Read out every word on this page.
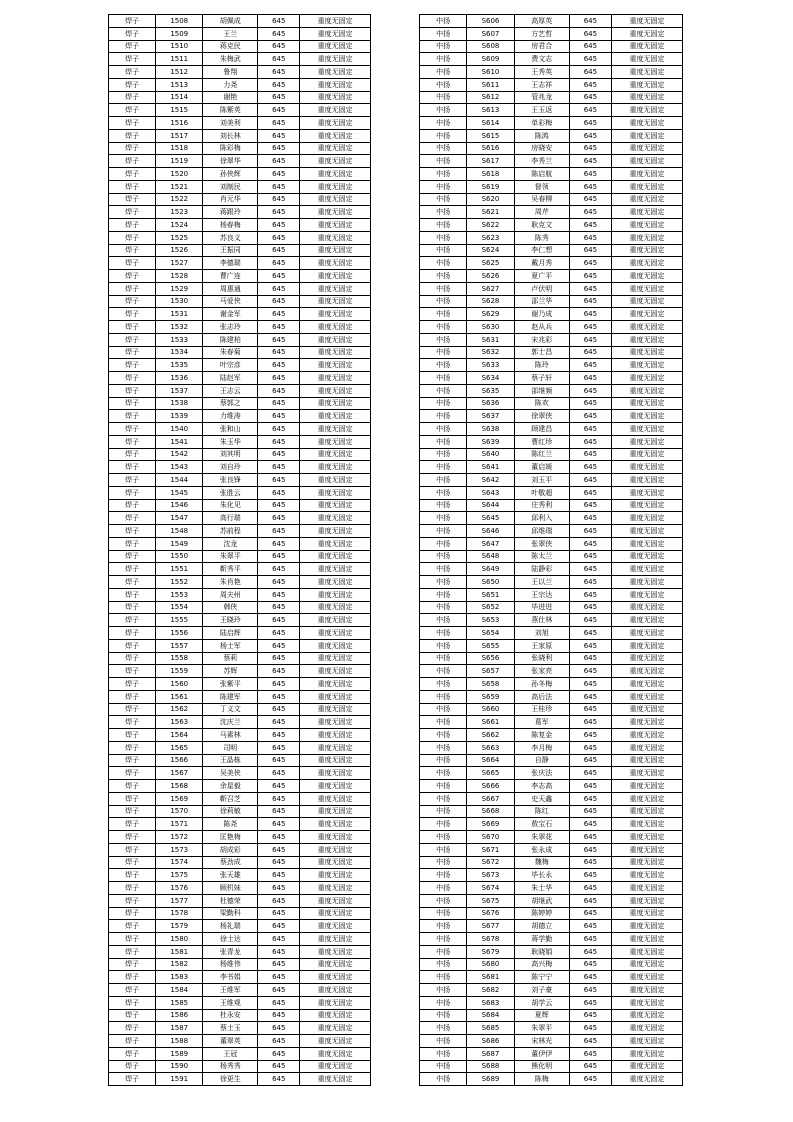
焊子	1508	胡佩成	645	重度无固定
焊子	1509	王兰	645	重度无固定
焊子	1510	蒋克民	645	重度无固定
焊子	1511	朱梅武	645	重度无固定
焊子	1512	鲁翔	645	重度无固定
焊子	1513	力尧	645	重度无固定
焊子	1514	谢艳	645	重度无固定
焊子	1515	陈紫英	645	重度无固定
焊子	1516	刘美利	645	重度无固定
焊子	1517	刘长林	645	重度无固定
焊子	1518	陈彩梅	645	重度无固定
焊子	1519	徐翠华	645	重度无固定
焊子	1520	孙侠辉	645	重度无固定
焊子	1521	刘制民	645	重度无固定
焊子	1522	肖元华	645	重度无固定
焊子	1523	蒋跟玲	645	重度无固定
焊子	1524	杨春梅	645	重度无固定
焊子	1525	苏良义	645	重度无固定
焊子	1526	王振同	645	重度无固定
焊子	1527	李德瑞	645	重度无固定
焊子	1528	曹广连	645	重度无固定
焊子	1529	周惠通	645	重度无固定
焊子	1530	马爱侠	645	重度无固定
焊子	1531	谢金军	645	重度无固定
焊子	1532	张志玲	645	重度无固定
焊子	1533	陈建柏	645	重度无固定
焊子	1534	朱春菊	645	重度无固定
焊子	1535	叶宗彦	645	重度无固定
焊子	1536	陆赵军	645	重度无固定
焊子	1537	王志云	645	重度无固定
焊子	1538	蔡郭之	645	重度无固定
焊子	1539	力维涛	645	重度无固定
焊子	1540	张和山	645	重度无固定
焊子	1541	朱玉华	645	重度无固定
焊子	1542	刘其明	645	重度无固定
焊子	1543	刘自玲	645	重度无固定
焊子	1544	张良锋	645	重度无固定
焊子	1545	张胜云	645	重度无固定
焊子	1546	朱化见	645	重度无固定
焊子	1547	高行瑞	645	重度无固定
焊子	1548	苏前程	645	重度无固定
焊子	1549	沈龙	645	重度无固定
焊子	1550	朱翠平	645	重度无固定
焊子	1551	靳秀平	645	重度无固定
焊子	1552	朱肖艳	645	重度无固定
焊子	1553	周夫州	645	重度无固定
焊子	1554	韩侠	645	重度无固定
焊子	1555	王晓玲	645	重度无固定
焊子	1556	陆启辉	645	重度无固定
焊子	1557	杨士军	645	重度无固定
焊子	1558	蔡莉	645	重度无固定
焊子	1559	苏辉	645	重度无固定
焊子	1560	张紫平	645	重度无固定
焊子	1561	陈建军	645	重度无固定
焊子	1562	丁义文	645	重度无固定
焊子	1563	沈庆兰	645	重度无固定
焊子	1564	马素林	645	重度无固定
焊子	1565	司明	645	重度无固定
焊子	1566	王晶栋	645	重度无固定
焊子	1567	吴美侠	645	重度无固定
焊子	1568	余星毅	645	重度无固定
焊子	1569	靳召芝	645	重度无固定
焊子	1570	徐莉敏	645	重度无固定
焊子	1571	陈尧	645	重度无固定
焊子	1572	匡艳梅	645	重度无固定
焊子	1573	胡成彩	645	重度无固定
焊子	1574	蔡劲成	645	重度无固定
焊子	1575	张天雄	645	重度无固定
焊子	1576	顾机妹	645	重度无固定
焊子	1577	杜德荣	645	重度无固定
焊子	1578	梁勤科	645	重度无固定
焊子	1579	杨礼瑞	645	重度无固定
焊子	1580	徐士达	645	重度无固定
焊子	1581	张青龙	645	重度无固定
焊子	1582	杨维伟	645	重度无固定
焊子	1583	李书娟	645	重度无固定
焊子	1584	王维军	645	重度无固定
焊子	1585	王维观	645	重度无固定
焊子	1586	杜永安	645	重度无固定
焊子	1587	蔡士玉	645	重度无固定
焊子	1588	董翠英	645	重度无固定
焊子	1589	王冠	645	重度无固定
焊子	1590	杨秀秀	645	重度无固定
焊子	1591	徐更生	645	重度无固定
中扬	S606	高厚英	645	重度无固定
中扬	S607	方艺哲	645	重度无固定
中扬	S608	房君合	645	重度无固定
中扬	S609	费文志	645	重度无固定
中扬	S610	王秀英	645	重度无固定
中扬	S611	王志祥	645	重度无固定
中扬	S612	管兆龙	645	重度无固定
中扬	S613	王玉返	645	重度无固定
中扬	S614	单彩梅	645	重度无固定
中扬	S615	陈鸿	645	重度无固定
中扬	S616	房晓安	645	重度无固定
中扬	S617	李秀兰	645	重度无固定
中扬	S618	陈启航	645	重度无固定
中扬	S619	督领	645	重度无固定
中扬	S620	吴春柳	645	重度无固定
中扬	S621	周芹	645	重度无固定
中扬	S622	耿克文	645	重度无固定
中扬	S623	陈秀	645	重度无固定
中扬	S624	李仁想	645	重度无固定
中扬	S625	戴月秀	645	重度无固定
中扬	S626	夏广平	645	重度无固定
中扬	S627	卢伏明	645	重度无固定
中扬	S628	邵兰华	645	重度无固定
中扬	S629	谢乃成	645	重度无固定
中扬	S630	赵从兵	645	重度无固定
中扬	S631	宋兆彩	645	重度无固定
中扬	S632	郭士昌	645	重度无固定
中扬	S633	陈玲	645	重度无固定
中扬	S634	蔡子轩	645	重度无固定
中扬	S635	邵继频	645	重度无固定
中扬	S636	陈欢	645	重度无固定
中扬	S637	徐翠侠	645	重度无固定
中扬	S638	顾建昌	645	重度无固定
中扬	S639	曹红珍	645	重度无固定
中扬	S640	陈红兰	645	重度无固定
中扬	S641	董启媛	645	重度无固定
中扬	S642	刘玉平	645	重度无固定
中扬	S643	叶敬超	645	重度无固定
中扬	S644	庄秀利	645	重度无固定
中扬	S645	邱利入	645	重度无固定
中扬	S646	邱维瑞	645	重度无固定
中扬	S647	张翠侠	645	重度无固定
中扬	S648	陈太兰	645	重度无固定
中扬	S649	陆静彩	645	重度无固定
中扬	S650	王以兰	645	重度无固定
中扬	S651	王宗达	645	重度无固定
中扬	S652	毕进进	645	重度无固定
中扬	S653	燕仕林	645	重度无固定
中扬	S654	刘旭	645	重度无固定
中扬	S655	王家原	645	重度无固定
中扬	S656	张晓利	645	重度无固定
中扬	S657	张家亮	645	重度无固定
中扬	S658	孙冬梅	645	重度无固定
中扬	S659	高后法	645	重度无固定
中扬	S660	王桂珍	645	重度无固定
中扬	S661	葛军	645	重度无固定
中扬	S662	陈复金	645	重度无固定
中扬	S663	李月梅	645	重度无固定
中扬	S664	自静	645	重度无固定
中扬	S665	张庆法	645	重度无固定
中扬	S666	李志高	645	重度无固定
中扬	S667	史天鑫	645	重度无固定
中扬	S668	陈红	645	重度无固定
中扬	S669	敖宝石	645	重度无固定
中扬	S670	朱翠花	645	重度无固定
中扬	S671	张永成	645	重度无固定
中扬	S672	魏梅	645	重度无固定
中扬	S673	毕长永	645	重度无固定
中扬	S674	朱士华	645	重度无固定
中扬	S675	胡继武	645	重度无固定
中扬	S676	陈婷婷	645	重度无固定
中扬	S677	胡德立	645	重度无固定
中扬	S678	蒋学勤	645	重度无固定
中扬	S679	耿晓娟	645	重度无固定
中扬	S680	高兴梅	645	重度无固定
中扬	S681	陈宁宁	645	重度无固定
中扬	S682	刘子豪	645	重度无固定
中扬	S683	胡学云	645	重度无固定
中扬	S684	夏辉	645	重度无固定
中扬	S685	朱翠平	645	重度无固定
中扬	S686	宋林光	645	重度无固定
中扬	S687	董伊伊	645	重度无固定
中扬	S688	熊化明	645	重度无固定
中扬	S689	陈梅	645	重度无固定
